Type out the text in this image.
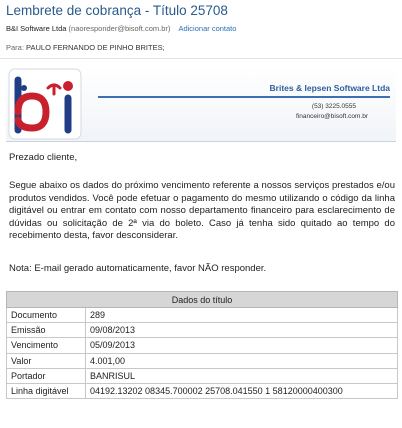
Lembrete de cobrança - Título 25708
B&I Software Ltda (naoresponder@bisoft.com.br) Adicionar contato
Para: PAULO FERNANDO DE PINHO BRITES;
Brites & Iepsen Software Ltda
(53) 3225.0555
financeiro@bisoft.com.br
Prezado cliente,
Segue abaixo os dados do próximo vencimento referente a nossos serviços prestados e/ou produtos vendidos. Você pode efetuar o pagamento do mesmo utilizando o código da linha digitável ou entrar em contato com nosso departamento financeiro para esclarecimento de dúvidas ou solicitação de 2ª via do boleto. Caso já tenha sido quitado ao tempo do recebimento desta, favor desconsiderar.
Nota: E-mail gerado automaticamente, favor NÃO responder.
Dados do título	
Documento	289
Emissão	09/08/2013
Vencimento	05/09/2013
Valor	4.001,00
Portador	BANRISUL
Linha digitável	04192.13202 08345.700002 25708.041550 1 58120000400300
